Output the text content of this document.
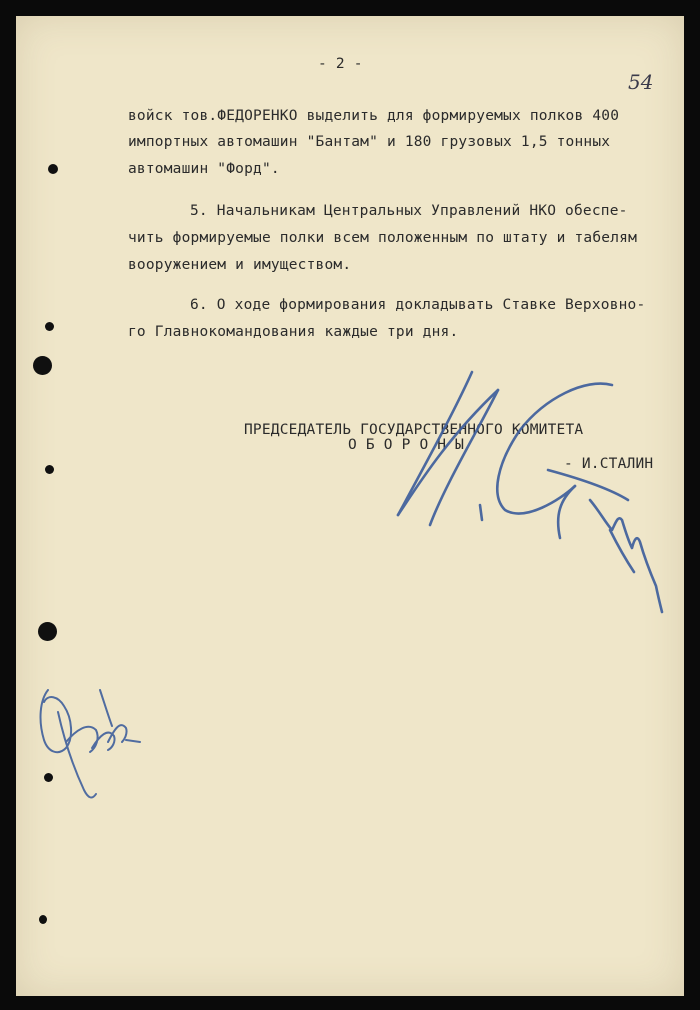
54
- 2 -
войск тов.ФЕДОРЕНКО выделить для формируемых полков 400
импортных автомашин "Бантам" и 180 грузовых 1,5 тонных
автомашин "Форд".
5. Начальникам Центральных Управлений НКО обеспе-
чить формируемые полки всем положенным по штату и табелям
вооружением и имуществом.
6. О ходе формирования докладывать Ставке Верховно-
го Главнокомандования каждые три дня.
ПРЕДСЕДАТЕЛЬ ГОСУДАРСТВЕННОГО КОМИТЕТА
О Б О Р О Н Ы
- И.СТАЛИН
